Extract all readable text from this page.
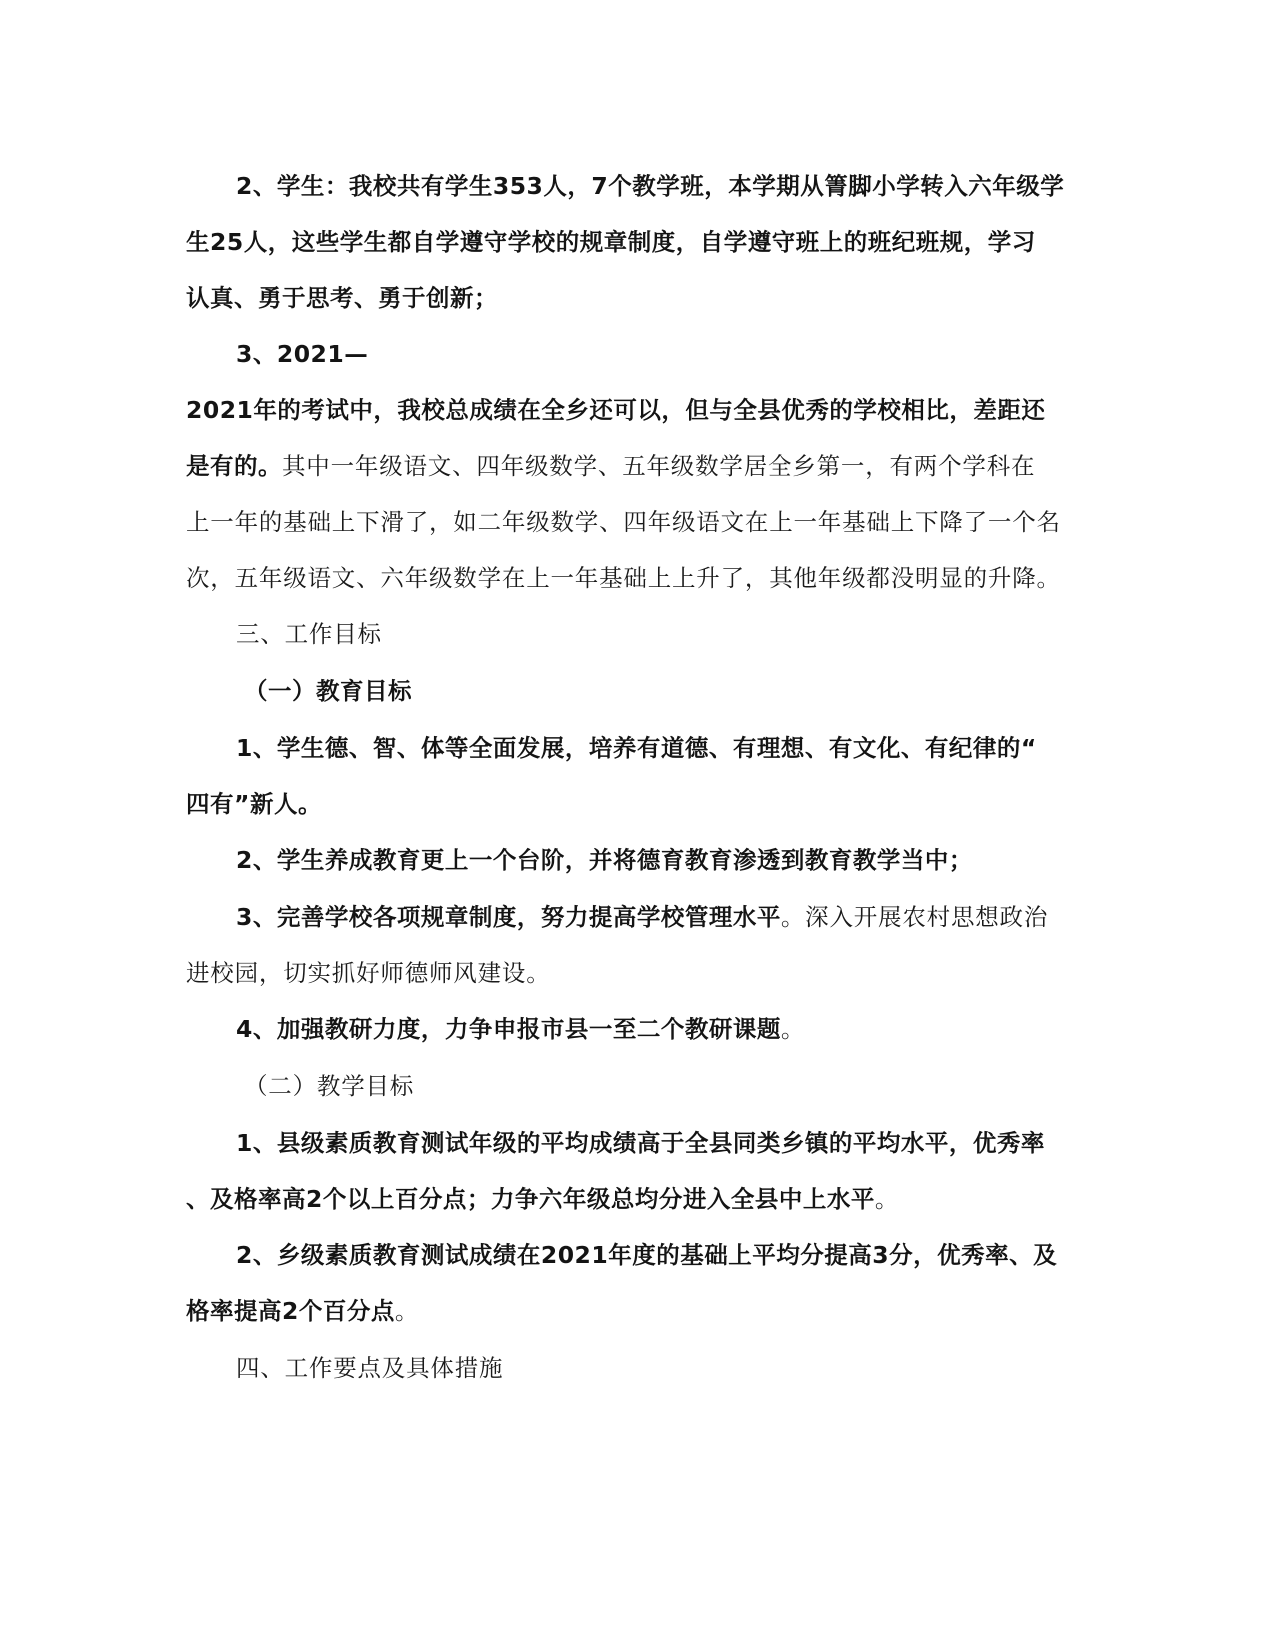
2、学生：我校共有学生353人，7个教学班，本学期从箐脚小学转入六年级学
生25人，这些学生都自学遵守学校的规章制度，自学遵守班上的班纪班规，学习
认真、勇于思考、勇于创新；
3、2021—
2021年的考试中，我校总成绩在全乡还可以，但与全县优秀的学校相比，差距还
是有的。其中一年级语文、四年级数学、五年级数学居全乡第一，有两个学科在
上一年的基础上下滑了，如二年级数学、四年级语文在上一年基础上下降了一个名
次，五年级语文、六年级数学在上一年基础上上升了，其他年级都没明显的升降。
三、工作目标
（一）教育目标
1、学生德、智、体等全面发展，培养有道德、有理想、有文化、有纪律的“
四有”新人。
2、学生养成教育更上一个台阶，并将德育教育渗透到教育教学当中；
3、完善学校各项规章制度，努力提高学校管理水平。深入开展农村思想政治
进校园，切实抓好师德师风建设。
4、加强教研力度，力争申报市县一至二个教研课题。
（二）教学目标
1、县级素质教育测试年级的平均成绩高于全县同类乡镇的平均水平，优秀率
、及格率高2个以上百分点；力争六年级总均分进入全县中上水平。
2、乡级素质教育测试成绩在2021年度的基础上平均分提高3分，优秀率、及
格率提高2个百分点。
四、工作要点及具体措施
